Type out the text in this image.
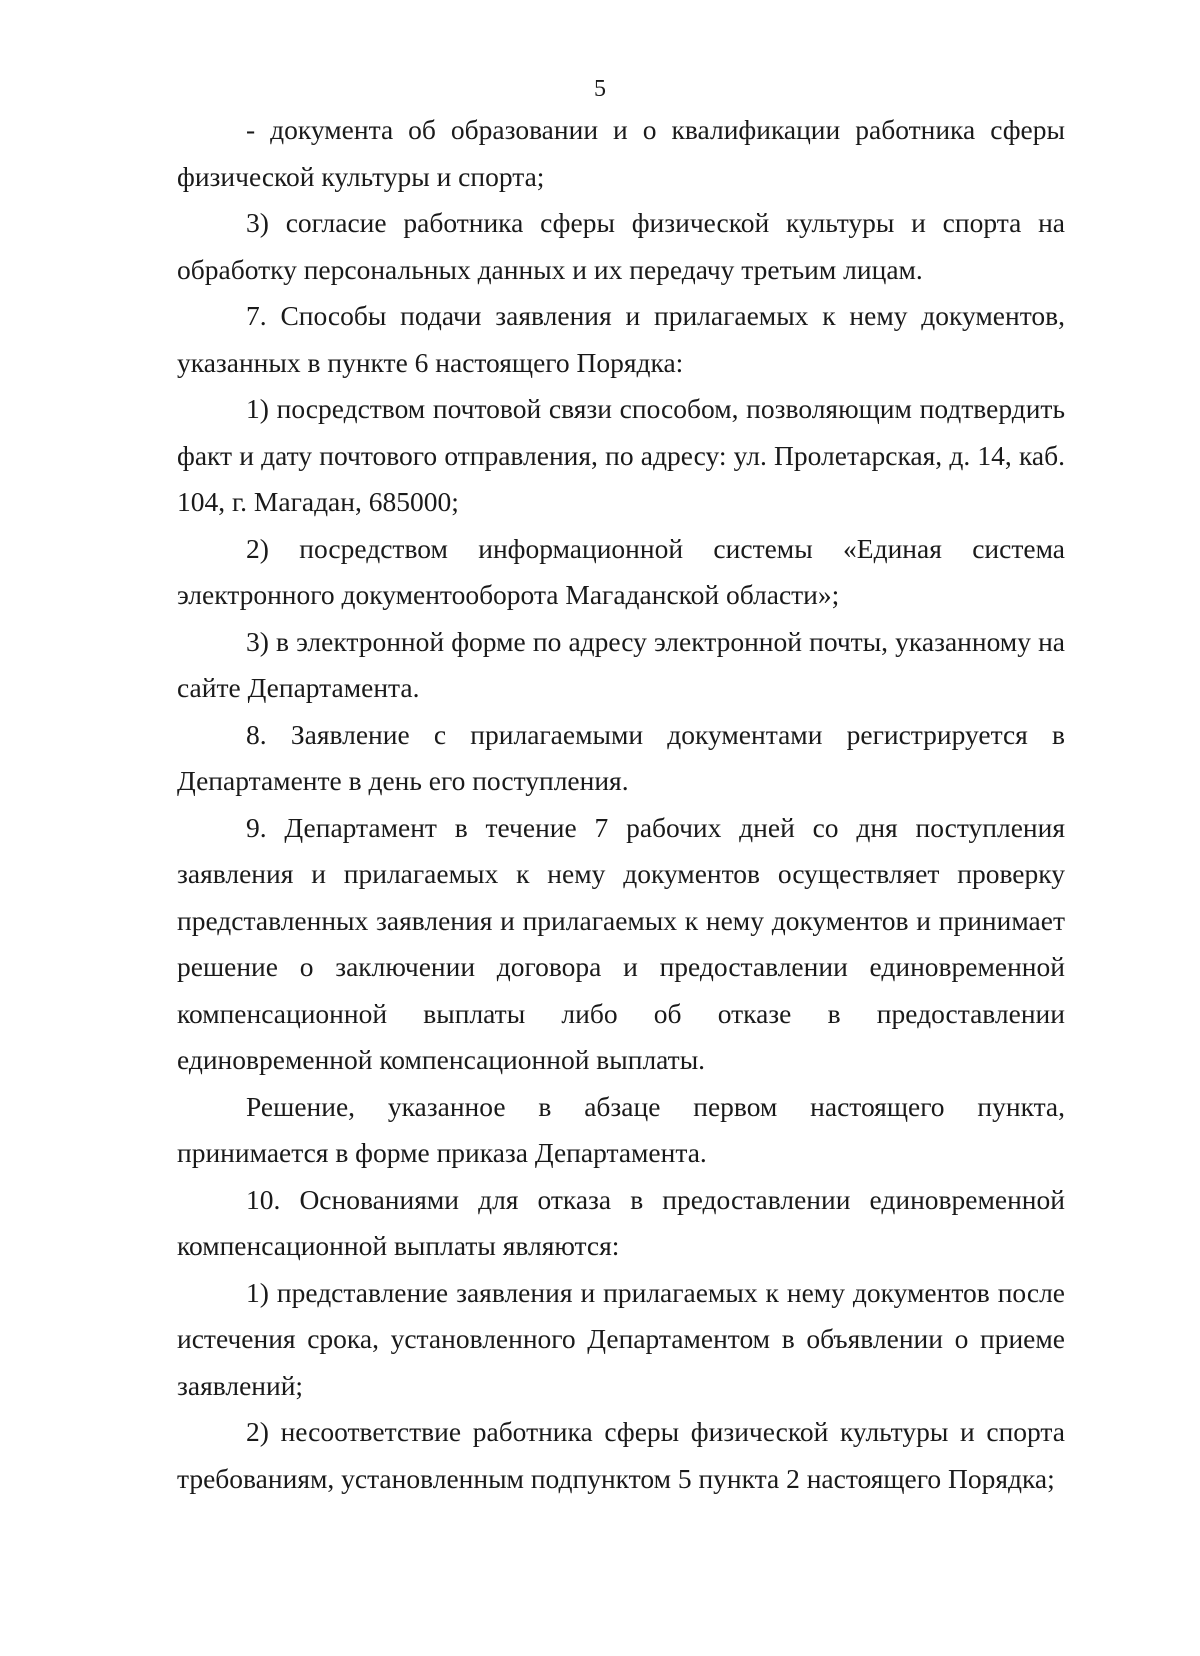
5

- документа об образовании и о квалификации работника сферы физической культуры и спорта;

3) согласие работника сферы физической культуры и спорта на обработку персональных данных и их передачу третьим лицам.

7. Способы подачи заявления и прилагаемых к нему документов, указанных в пункте 6 настоящего Порядка:

1) посредством почтовой связи способом, позволяющим подтвердить факт и дату почтового отправления, по адресу: ул. Пролетарская, д. 14, каб. 104, г. Магадан, 685000;

2) посредством информационной системы «Единая система электронного документооборота Магаданской области»;

3) в электронной форме по адресу электронной почты, указанному на сайте Департамента.

8. Заявление с прилагаемыми документами регистрируется в Департаменте в день его поступления.

9. Департамент в течение 7 рабочих дней со дня поступления заявления и прилагаемых к нему документов осуществляет проверку представленных заявления и прилагаемых к нему документов и принимает решение о заключении договора и предоставлении единовременной компенсационной выплаты либо об отказе в предоставлении единовременной компенсационной выплаты.

Решение, указанное в абзаце первом настоящего пункта, принимается в форме приказа Департамента.

10. Основаниями для отказа в предоставлении единовременной компенсационной выплаты являются:

1) представление заявления и прилагаемых к нему документов после истечения срока, установленного Департаментом в объявлении о приеме заявлений;

2) несоответствие работника сферы физической культуры и спорта требованиям, установленным подпунктом 5 пункта 2 настоящего Порядка;
